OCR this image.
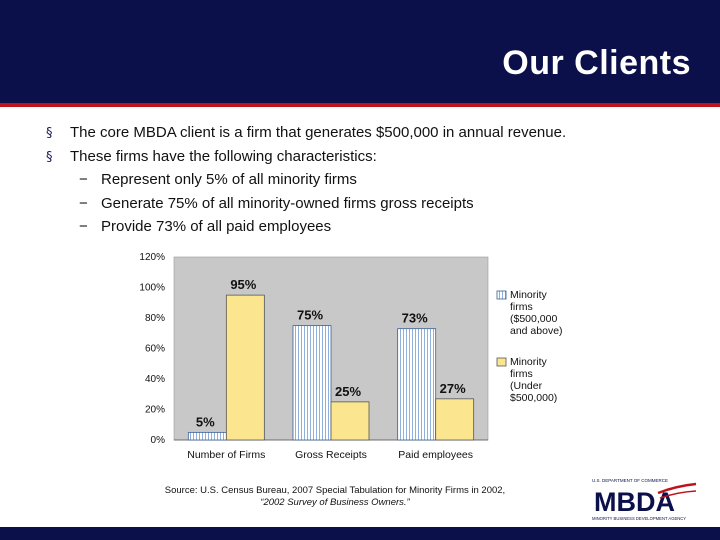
Our Clients
§ The core MBDA client is a firm that generates $500,000 in annual revenue.
§ These firms have the following characteristics:
− Represent only 5% of all minority firms
− Generate 75% of all minority-owned firms gross receipts
− Provide 73% of all paid employees
0%
20%
40%
60%
80%
100%
120%
5%
95%
Number of Firms
75%
25%
Gross Receipts
73%
27%
Paid employees
Minority
firms
($500,000
and above)
Minority
firms
(Under
$500,000)
Source: U.S. Census Bureau, 2007 Special Tabulation for Minority Firms in 2002,
“2002 Survey of Business Owners.”
U.S. DEPARTMENT OF COMMERCE
MBDA
MINORITY BUSINESS DEVELOPMENT AGENCY
